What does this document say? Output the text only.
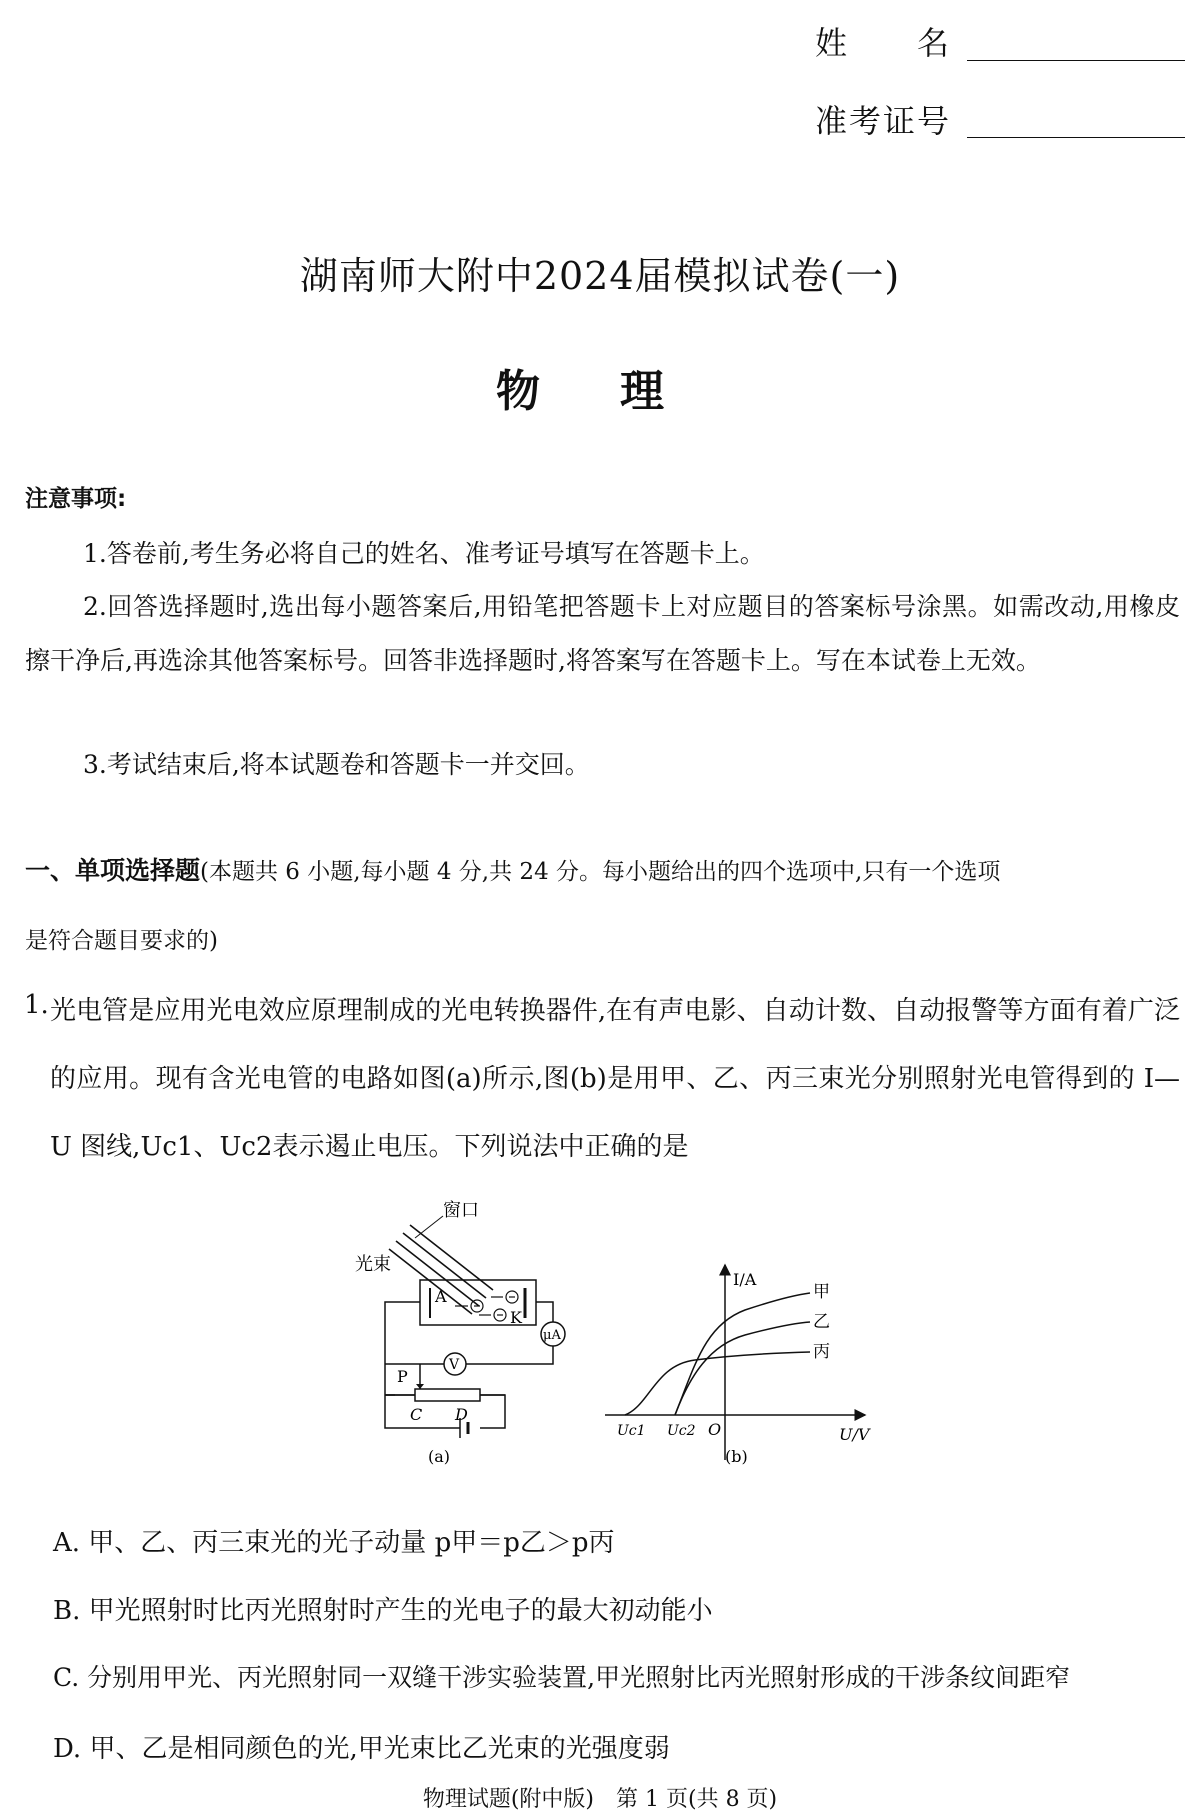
姓　　名
准考证号
湖南师大附中2024届模拟试卷(一)
物理
注意事项:
1.答卷前,考生务必将自己的姓名、准考证号填写在答题卡上。
2.回答选择题时,选出每小题答案后,用铅笔把答题卡上对应题目的答案标号涂黑。如需改动,用橡皮擦干净后,再选涂其他答案标号。回答非选择题时,将答案写在答题卡上。写在本试卷上无效。
3.考试结束后,将本试题卷和答题卡一并交回。
一、单项选择题(本题共 6 小题,每小题 4 分,共 24 分。每小题给出的四个选项中,只有一个选项
是符合题目要求的)
1. 光电管是应用光电效应原理制成的光电转换器件,在有声电影、自动计数、自动报警等方面有着广泛的应用。现有含光电管的电路如图(a)所示,图(b)是用甲、乙、丙三束光分别照射光电管得到的 I—U 图线,Uc1、Uc2表示遏止电压。下列说法中正确的是
窗口
光束
A
K
μA
V
P
C D
(a)
I/A
U/V
O
Uc1 Uc2
甲
乙
丙
(b)
A. 甲、乙、丙三束光的光子动量 p甲＝p乙＞p丙
B. 甲光照射时比丙光照射时产生的光电子的最大初动能小
C. 分别用甲光、丙光照射同一双缝干涉实验装置,甲光照射比丙光照射形成的干涉条纹间距窄
D. 甲、乙是相同颜色的光,甲光束比乙光束的光强度弱
物理试题(附中版)　第 1 页(共 8 页)
